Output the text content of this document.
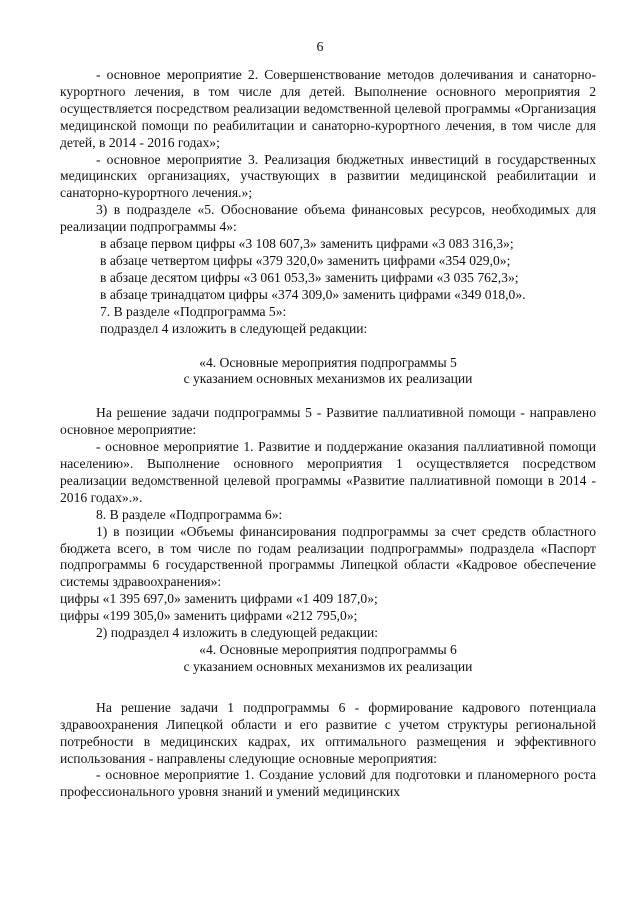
6

- основное мероприятие 2. Совершенствование методов долечивания и санаторно-курортного лечения, в том числе для детей. Выполнение основного мероприятия 2 осуществляется посредством реализации ведомственной целевой программы «Организация медицинской помощи по реабилитации и санаторно-курортного лечения, в том числе для детей, в 2014 - 2016 годах»;

- основное мероприятие 3. Реализация бюджетных инвестиций в государственных медицинских организациях, участвующих в развитии медицинской реабилитации и санаторно-курортного лечения.»;

3) в подразделе «5. Обоснование объема финансовых ресурсов, необходимых для реализации подпрограммы 4»:

в абзаце первом цифры «3 108 607,3» заменить цифрами «3 083 316,3»;

в абзаце четвертом цифры «379 320,0» заменить цифрами «354 029,0»;

в абзаце десятом цифры «3 061 053,3» заменить цифрами «3 035 762,3»;

в абзаце тринадцатом цифры «374 309,0» заменить цифрами «349 018,0».

7. В разделе «Подпрограмма 5»:

подраздел 4 изложить в следующей редакции:

«4. Основные мероприятия подпрограммы 5

с указанием основных механизмов их реализации

На решение задачи подпрограммы 5 - Развитие паллиативной помощи - направлено основное мероприятие:

- основное мероприятие 1. Развитие и поддержание оказания паллиативной помощи населению». Выполнение основного мероприятия 1 осуществляется посредством реализации ведомственной целевой программы «Развитие паллиативной помощи в 2014 - 2016 годах».».

8. В разделе «Подпрограмма 6»:

1) в позиции «Объемы финансирования подпрограммы за счет средств областного бюджета всего, в том числе по годам реализации подпрограммы» подраздела «Паспорт подпрограммы 6 государственной программы Липецкой области «Кадровое обеспечение системы здравоохранения»:

цифры «1 395 697,0» заменить цифрами «1 409 187,0»;

цифры «199 305,0» заменить цифрами «212 795,0»;

2) подраздел 4 изложить в следующей редакции:

«4. Основные мероприятия подпрограммы 6

с указанием основных механизмов их реализации

На решение задачи 1 подпрограммы 6 - формирование кадрового потенциала здравоохранения Липецкой области и его развитие с учетом структуры региональной потребности в медицинских кадрах, их оптимального размещения и эффективного использования - направлены следующие основные мероприятия:

- основное мероприятие 1. Создание условий для подготовки и планомерного роста профессионального уровня знаний и умений медицинских
